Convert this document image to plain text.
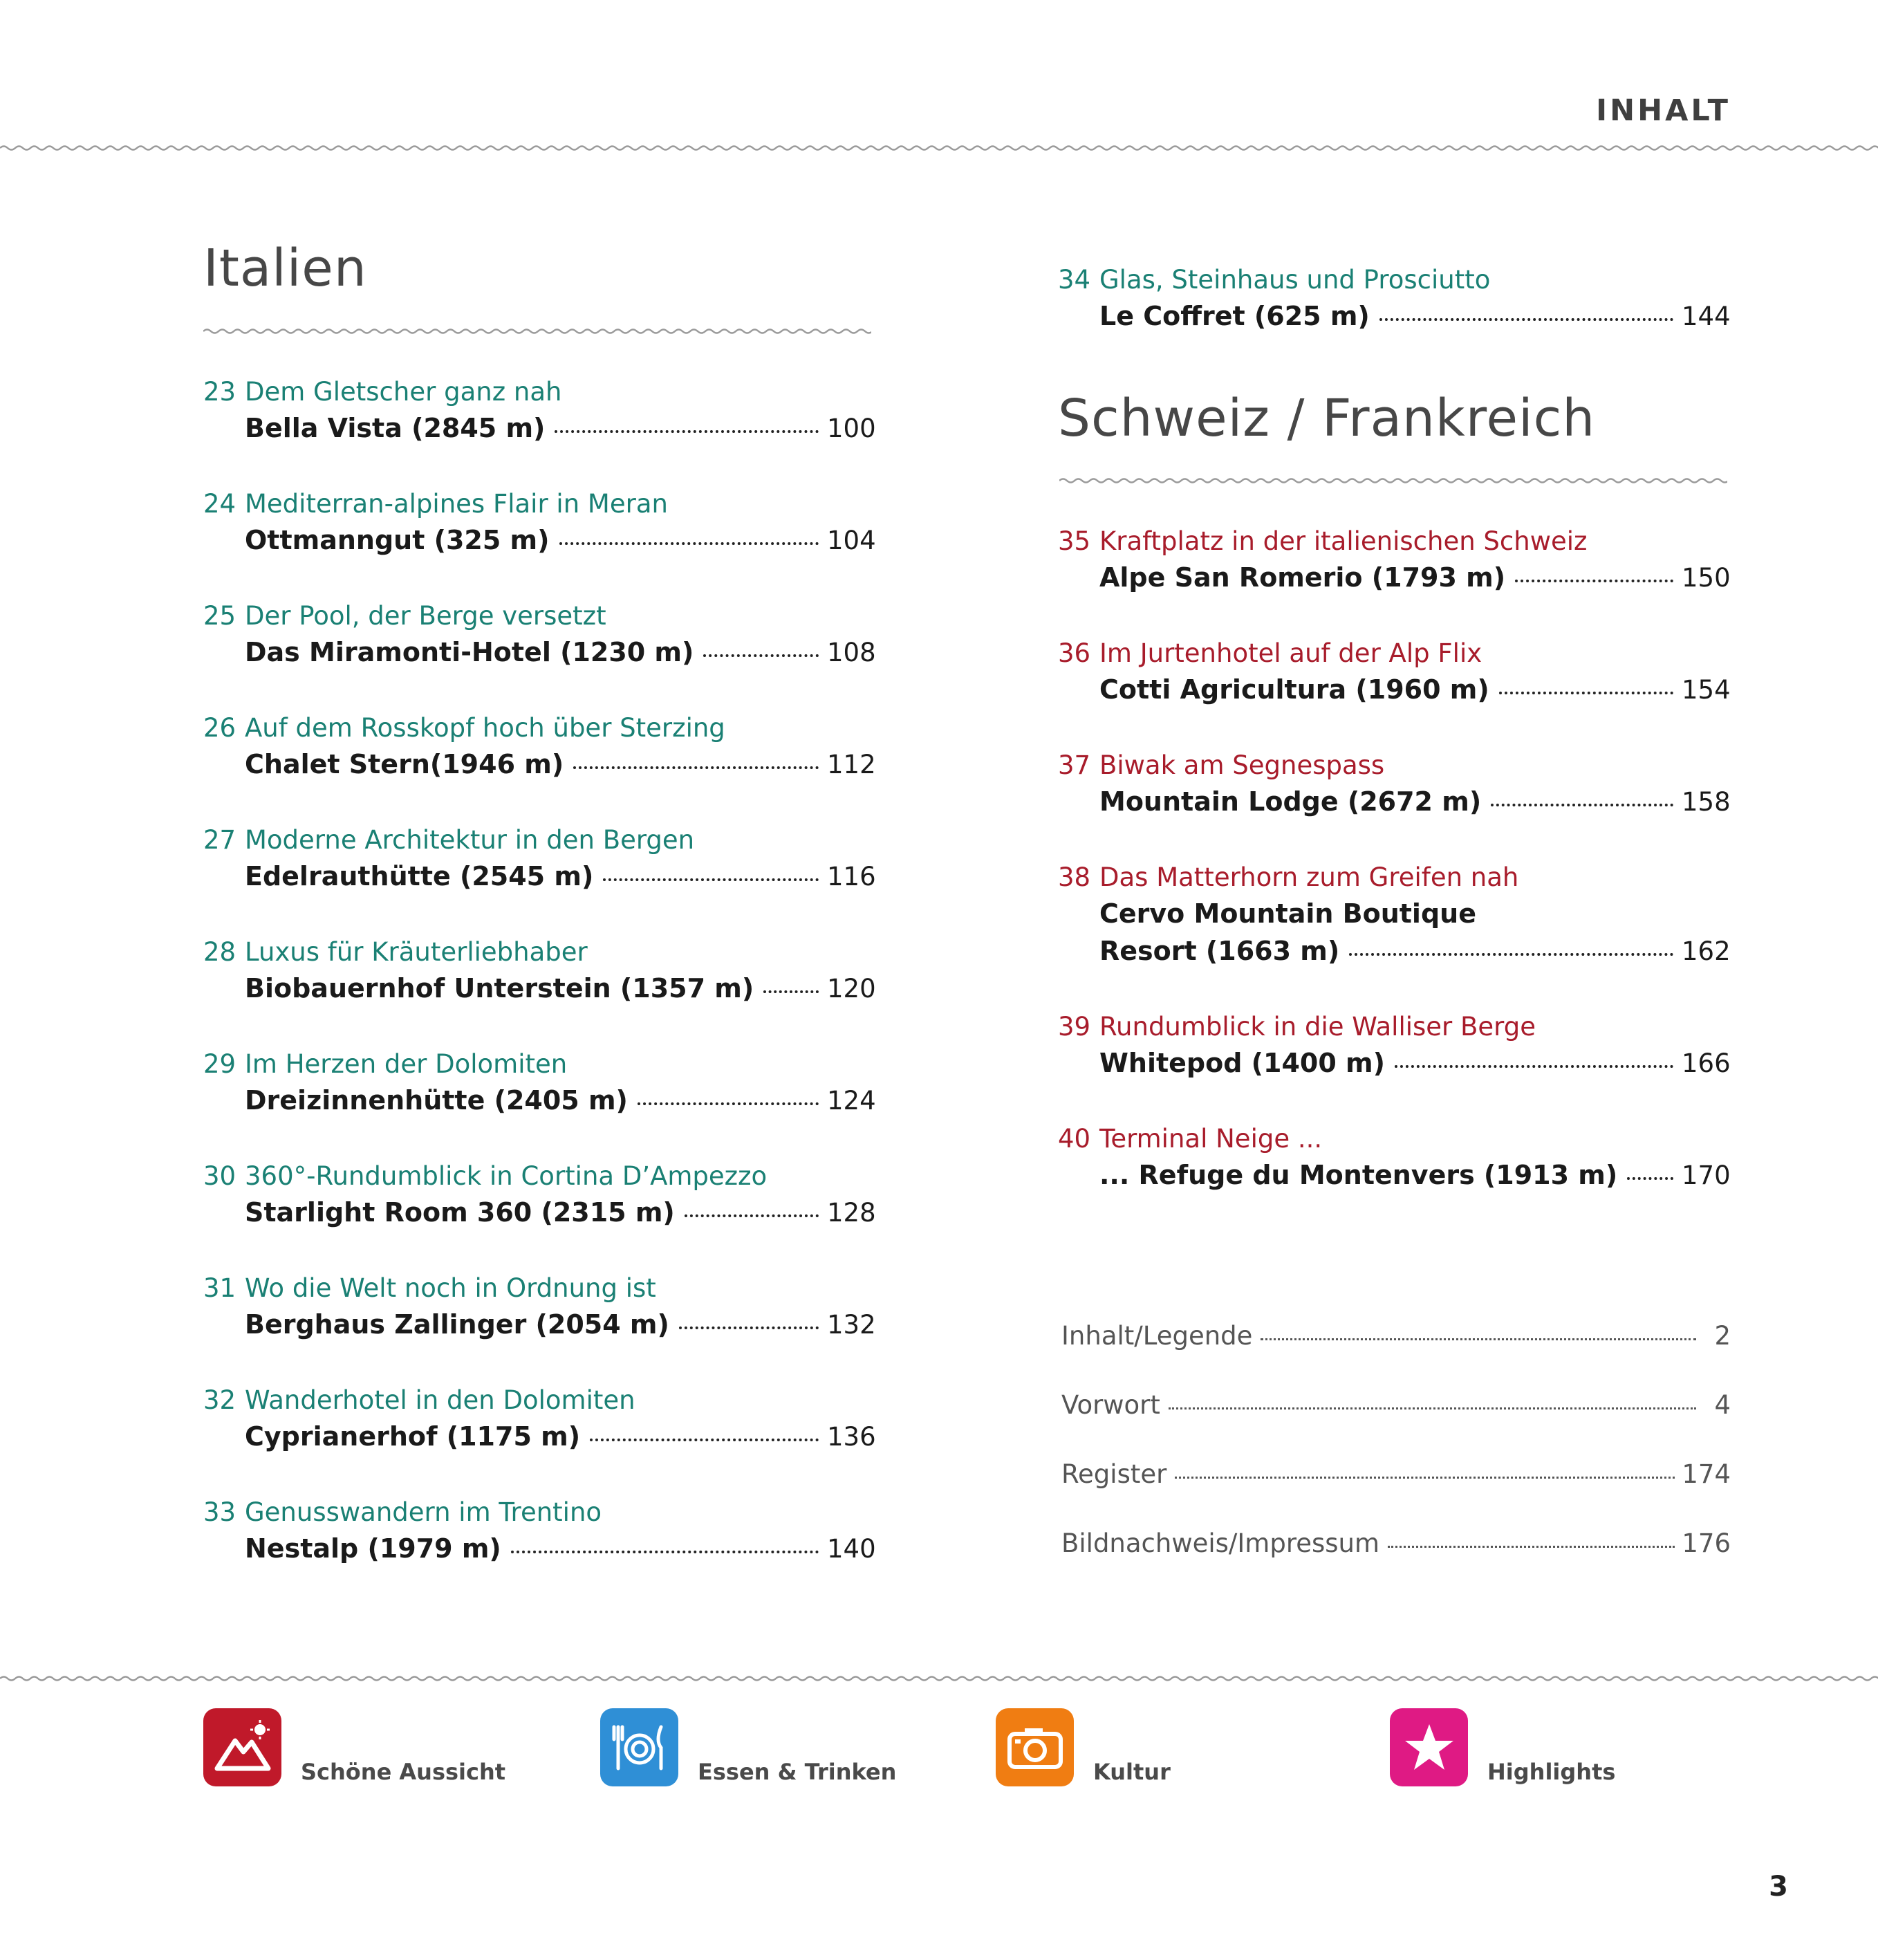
INHALT
Italien
23 Dem Gletscher ganz nah
Bella Vista (2845 m)	100
24 Mediterran-alpines Flair in Meran
Ottmanngut (325 m)	104
25 Der Pool, der Berge versetzt
Das Miramonti-Hotel (1230 m)	108
26 Auf dem Rosskopf hoch über Sterzing
Chalet Stern(1946 m)	112
27 Moderne Architektur in den Bergen
Edelrauthütte (2545 m)	116
28 Luxus für Kräuterliebhaber
Biobauernhof Unterstein (1357 m)	120
29 Im Herzen der Dolomiten
Dreizinnenhütte (2405 m)	124
30 360°-Rundumblick in Cortina D’Ampezzo
Starlight Room 360 (2315 m)	128
31 Wo die Welt noch in Ordnung ist
Berghaus Zallinger (2054 m)	132
32 Wanderhotel in den Dolomiten
Cyprianerhof (1175 m)	136
33 Genusswandern im Trentino
Nestalp (1979 m)	140
34 Glas, Steinhaus und Prosciutto
Le Coffret (625 m)	144
Schweiz / Frankreich
35 Kraftplatz in der italienischen Schweiz
Alpe San Romerio (1793 m)	150
36 Im Jurtenhotel auf der Alp Flix
Cotti Agricultura (1960 m)	154
37 Biwak am Segnespass
Mountain Lodge (2672 m)	158
38 Das Matterhorn zum Greifen nah
Cervo Mountain Boutique
Resort (1663 m)	162
39 Rundumblick in die Walliser Berge
Whitepod (1400 m)	166
40 Terminal Neige ...
... Refuge du Montenvers (1913 m)	170
Inhalt/Legende	2
Vorwort	4
Register	174
Bildnachweis/Impressum	176
Schöne Aussicht	Essen & Trinken	Kultur	Highlights
3
